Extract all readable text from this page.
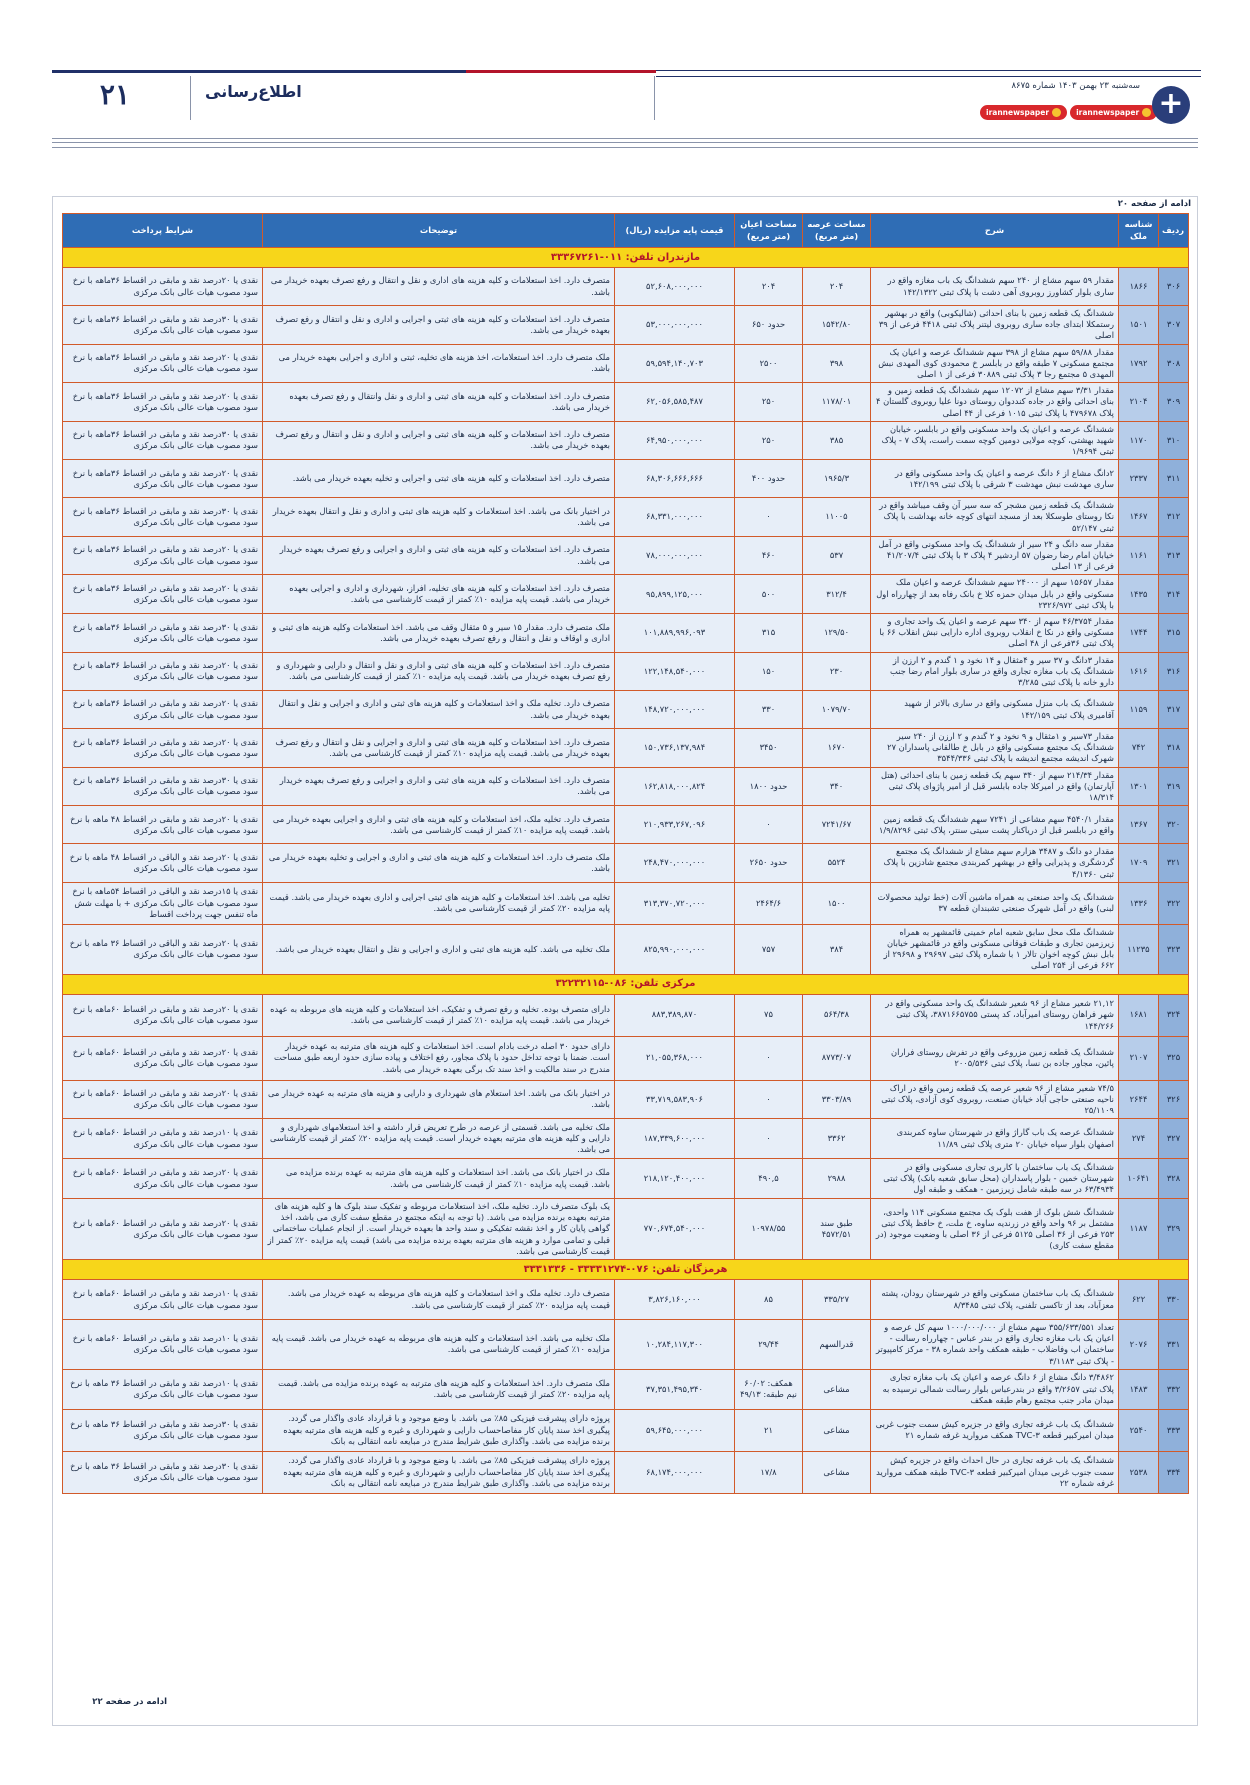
۲۱	اطلاع‌رسانی	سه‌شنبه ۲۳ بهمن ۱۴۰۳ شماره ۸۶۷۵
irannewspaper
irannewspaper	+
ادامه از صفحه ۲۰
ردیف	شناسه ملک	شرح	مساحت عرصه (متر مربع)	مساحت اعیان (متر مربع)	قیمت پایه مزایده (ریال)	توضیحات	شرایط پرداخت
مازندران تلفن: ۰۱۱-۳۳۳۶۷۲۶۱							
۳۰۶	۱۸۶۶	مقدار ۵۹ سهم مشاع از ۲۴۰ سهم ششدانگ یک باب مغازه واقع در ساری بلوار کشاورز روبروی آهی دشت با پلاک ثبتی ۱۴۲/۱۳۲۲	۲۰۴	۲۰۴	۵۲,۶۰۸,۰۰۰,۰۰۰	متصرف دارد. اخذ استعلامات و کلیه هزینه های اداری و نقل و انتقال و رفع تصرف بعهده خریدار می باشد.	نقدی یا ۲۰درصد نقد و مابقی در اقساط ۳۶ماهه با نرخ سود مصوب هیات عالی بانک مرکزی
۳۰۷	۱۵۰۱	ششدانگ یک قطعه زمین با بنای احداثی (شالیکوبی) واقع در بهشهر رستمکلا ابتدای جاده ساری روبروی لیتنر پلاک ثبتی ۴۴۱۸ فرعی از ۳۹ اصلی	۱۵۴۲/۸۰	حدود ۶۵۰	۵۳,۰۰۰,۰۰۰,۰۰۰	متصرف دارد. اخذ استعلامات و کلیه هزینه های ثبتی و اجرایی و اداری و نقل و انتقال و رفع تصرف بعهده خریدار می باشد.	نقدی یا ۳۰درصد نقد و مابقی در اقساط ۳۶ماهه با نرخ سود مصوب هیات عالی بانک مرکزی
۳۰۸	۱۷۹۲	مقدار ۵۹/۸۸ سهم مشاع از ۳۹۸ سهم ششدانگ عرصه و اعیان یک مجتمع مسکونی ۷ طبقه واقع در بابلسر خ محمودی کوی المهدی نبش المهدی ۵ مجتمع رجا ۳ پلاک ثبتی ۳۰۸۸۹ فرعی از ۱ اصلی	۳۹۸	۲۵۰۰	۵۹,۵۹۴,۱۴۰,۷۰۳	ملک متصرف دارد. اخذ استعلامات، اخذ هزینه های تخلیه، ثبتی و اداری و اجرایی بعهده خریدار می باشد.	نقدی یا ۲۰درصد نقد و مابقی در اقساط ۳۶ماهه با نرخ سود مصوب هیات عالی بانک مرکزی
۳۰۹	۲۱۰۴	مقدار ۳/۳۱ سهم مشاع از ۱۲۰۷۲ سهم ششدانگ یک قطعه زمین و بنای احداثی واقع در جاده کنددوان روستای دونا علیا روبروی گلستان ۴ پلاک ۴۷۹۶۷۸ با پلاک ثبتی ۱۰۱۵ فرعی از ۴۴ اصلی	۱۱۷۸/۰۱	۲۵۰	۶۲,۰۵۶,۵۸۵,۴۸۷	متصرف دارد. اخذ استعلامات و کلیه هزینه های ثبتی و اداری و نقل وانتقال و رفع تصرف بعهده خریدار می باشد.	نقدی یا ۲۰درصد نقد و مابقی در اقساط ۳۶ماهه با نرخ سود مصوب هیات عالی بانک مرکزی
۳۱۰	۱۱۷۰	ششدانگ عرصه و اعیان یک واحد مسکونی واقع در بابلسر، خیابان شهید بهشتی، کوچه مولایی دومین کوچه سمت راست، پلاک ۷ - پلاک ثبتی ۱/۹۶۹۴	۳۸۵	۲۵۰	۶۴,۹۵۰,۰۰۰,۰۰۰	متصرف دارد. اخذ استعلامات و کلیه هزینه های ثبتی و اجرایی و اداری و نقل و انتقال و رفع تصرف بعهده خریدار می باشد.	نقدی یا ۳۰درصد نقد و مابقی در اقساط ۳۶ماهه با نرخ سود مصوب هیات عالی بانک مرکزی
۳۱۱	۲۳۳۷	۲دانگ مشاع از ۶ دانگ عرصه و اعیان یک واحد مسکونی واقع در ساری مهدشت نبش مهدشت ۳ شرقی با پلاک ثبتی ۱۴۲/۱۹۹	۱۹۶۵/۳	حدود ۴۰۰	۶۸,۳۰۶,۶۶۶,۶۶۶	متصرف دارد. اخذ استعلامات و کلیه هزینه های ثبتی و اجرایی و تخلیه بعهده خریدار می باشد.	نقدی یا ۲۰درصد نقد و مابقی در اقساط ۳۶ماهه با نرخ سود مصوب هیات عالی بانک مرکزی
۳۱۲	۱۴۶۷	ششدانگ یک قطعه زمین مشجر که سه سیر آن وقف میباشد واقع در نکا روستای طوسکلا بعد از مسجد انتهای کوچه خانه بهداشت با پلاک ثبتی ۵۲/۱۴۷	۱۱۰۰۵	۰	۶۸,۳۳۱,۰۰۰,۰۰۰	در اختیار بانک می باشد. اخذ استعلامات و کلیه هزینه های ثبتی و اداری و نقل و انتقال بعهده خریدار می باشد.	نقدی یا ۳۰درصد نقد و مابقی در اقساط ۳۶ماهه با نرخ سود مصوب هیات عالی بانک مرکزی
۳۱۳	۱۱۶۱	مقدار سه دانگ و ۲۴ سیر از ششدانگ یک واحد مسکونی واقع در آمل خیابان امام رضا رضوان ۵۷ اردشیر ۴ پلاک ۳ با پلاک ثبتی ۴۱/۲۰۷/۴ فرعی از ۱۳ اصلی	۵۳۷	۴۶۰	۷۸,۰۰۰,۰۰۰,۰۰۰	متصرف دارد. اخذ استعلامات و کلیه هزینه های ثبتی و اداری و اجرایی و رفع تصرف بعهده خریدار می باشد.	نقدی یا ۲۰درصد نقد و مابقی در اقساط ۳۶ماهه با نرخ سود مصوب هیات عالی بانک مرکزی
۳۱۴	۱۴۳۵	مقدار ۱۵۶۵۷ سهم از ۲۴۰۰۰ سهم ششدانگ عرصه و اعیان ملک مسکونی واقع در بابل میدان حمزه کلا خ بانک رفاه بعد از چهارراه اول با پلاک ثبتی ۲۳۲۶/۹۷۲	۳۱۲/۴	۵۰۰	۹۵,۸۹۹,۱۲۵,۰۰۰	متصرف دارد. اخذ استعلامات و کلیه هزینه های تخلیه، افراز، شهرداری و اداری و اجرایی بعهده خریدار می باشد. قیمت پایه مزایده ۱۰٪ کمتر از قیمت کارشناسی می باشد.	نقدی یا ۲۰درصد نقد و مابقی در اقساط ۳۶ماهه با نرخ سود مصوب هیات عالی بانک مرکزی
۳۱۵	۱۷۴۴	مقدار ۴۶/۳۷۵۴ سهم از ۳۴۰ سهم عرصه و اعیان یک واحد تجاری و مسکونی واقع در نکا خ انقلاب روبروی اداره دارایی نبش انقلاب ۶۶ با پلاک ثبتی ۳۶فرعی از ۴۸ اصلی	۱۲۹/۵۰	۳۱۵	۱۰۱,۸۸۹,۹۹۶,۰۹۳	ملک متصرف دارد. مقدار ۱۵ سیر و ۵ مثقال وقف می باشد. اخذ استعلامات وکلیه هزینه های ثبتی و اداری و اوقاف و نقل و انتقال و رفع تصرف بعهده خریدار می باشد.	نقدی یا ۳۰درصد نقد و مابقی در اقساط ۳۶ماهه با نرخ سود مصوب هیات عالی بانک مرکزی
۳۱۶	۱۶۱۶	مقدار ۳دانگ و ۳۷ سیر و ۴مثقال و ۱۴ نخود و ۱ گندم و ۲ ارزن از ششدانگ یک باب مغازه تجاری واقع در ساری بلوار امام رضا جنب دارو خانه با پلاک ثبتی ۳/۲۸۵	۲۳۰	۱۵۰	۱۲۲,۱۴۸,۵۴۰,۰۰۰	متصرف دارد. اخذ استعلامات و کلیه هزینه های ثبتی و اداری و نقل و انتقال و دارایی و شهرداری و رفع تصرف بعهده خریدار می باشد. قیمت پایه مزایده ۱۰٪ کمتر از قیمت کارشناسی می باشد.	نقدی یا ۲۰درصد نقد و مابقی در اقساط ۳۶ماهه با نرخ سود مصوب هیات عالی بانک مرکزی
۳۱۷	۱۱۵۹	ششدانگ یک باب منزل مسکونی واقع در ساری بالاتر از شهید آقامیری پلاک ثبتی ۱۴۲/۱۵۹	۱۰۷۹/۷۰	۳۳۰	۱۴۸,۷۲۰,۰۰۰,۰۰۰	متصرف دارد. تخلیه ملک و اخذ استعلامات و کلیه هزینه های ثبتی و اداری و اجرایی و نقل و انتقال بعهده خریدار می باشد.	نقدی یا ۲۰درصد نقد و مابقی در اقساط ۳۶ماهه با نرخ سود مصوب هیات عالی بانک مرکزی
۳۱۸	۷۴۲	مقدار ۷۳سیر و ۱مثقال و ۹ نخود و ۲ گندم و ۲ ارزن از ۲۴۰ سیر ششدانگ یک مجتمع مسکونی واقع در بابل خ طالقانی پاسداران ۲۷ شهرک اندیشه مجتمع اندیشه با پلاک ثبتی ۳۵۴۴/۳۳۶	۱۶۷۰	۳۴۵۰	۱۵۰,۷۳۶,۱۳۷,۹۸۴	متصرف دارد. اخذ استعلامات و کلیه هزینه های ثبتی و اداری و اجرایی و نقل و انتقال و رفع تصرف بعهده خریدار می باشد. قیمت پایه مزایده ۱۰٪ کمتر از قیمت کارشناسی می باشد.	نقدی یا ۲۰درصد نقد و مابقی در اقساط ۳۶ماهه با نرخ سود مصوب هیات عالی بانک مرکزی
۳۱۹	۱۳۰۱	مقدار ۲۱۴/۳۴ سهم از ۳۴۰ سهم یک قطعه زمین با بنای احداثی (هتل آپارتمان) واقع در امیرکلا جاده بابلسر قبل از امیر پاژوای پلاک ثبتی ۱۸/۳۱۴	۳۴۰	حدود ۱۸۰۰	۱۶۲,۸۱۸,۰۰۰,۸۲۴	متصرف دارد. اخذ استعلامات و کلیه هزینه های ثبتی و اداری و اجرایی و رفع تصرف بعهده خریدار می باشد.	نقدی یا ۳۰درصد نقد و مابقی در اقساط ۳۶ماهه با نرخ سود مصوب هیات عالی بانک مرکزی
۳۲۰	۱۳۶۷	مقدار ۴۵۴۰/۱ سهم مشاعی از ۷۲۴۱ سهم ششدانگ یک قطعه زمین واقع در بابلسر قبل از دریاکنار پشت سیتی سنتر، پلاک ثبتی ۱/۹/۸۲۹۶	۷۲۴۱/۶۷	۰	۲۱۰,۹۳۳,۲۶۷,۰۹۶	متصرف دارد. تخلیه ملک، اخذ استعلامات و کلیه هزینه های ثبتی و اداری و اجرایی بعهده خریدار می باشد. قیمت پایه مزایده ۱۰٪ کمتر از قیمت کارشناسی می باشد.	نقدی یا ۲۰درصد نقد و مابقی در اقساط ۴۸ ماهه با نرخ سود مصوب هیات عالی بانک مرکزی
۳۲۱	۱۷۰۹	مقدار دو دانگ و ۳۴۸۷ هزارم سهم مشاع از ششدانگ یک مجتمع گردشگری و پذیرایی واقع در بهشهر کمربندی مجتمع شادزین با پلاک ثبتی ۴/۱۳۶۰	۵۵۲۴	حدود ۲۶۵۰	۲۴۸,۴۷۰,۰۰۰,۰۰۰	ملک متصرف دارد. اخذ استعلامات و کلیه هزینه های ثبتی و اداری و اجرایی و تخلیه بعهده خریدار می باشد.	نقدی یا ۲۰درصد نقد و الباقی در اقساط ۴۸ ماهه با نرخ سود مصوب هیات عالی بانک مرکزی
۳۲۲	۱۳۳۶	ششدانگ یک واحد صنعتی به همراه ماشین آلات (خط تولید محصولات لبنی) واقع در آمل شهرک صنعتی تشبندان قطعه ۳۷	۱۵۰۰	۲۴۶۴/۶	۳۱۳,۳۷۰,۷۲۰,۰۰۰	تخلیه می باشد. اخذ استعلامات و کلیه هزینه های ثبتی اجرایی و اداری بعهده خریدار می باشد. قیمت پایه مزایده ۲۰٪ کمتر از قیمت کارشناسی می باشد.	نقدی یا ۱۵درصد نقد و الباقی در اقساط ۵۴ماهه با نرخ سود مصوب هیات عالی بانک مرکزی + با مهلت شش ماه تنفس جهت پرداخت اقساط
۳۲۳	۱۱۲۳۵	ششدانگ ملک محل سابق شعبه امام خمینی قائمشهر به همراه زیرزمین تجاری و طبقات فوقانی مسکونی واقع در قائمشهر خیابان بابل نبش کوچه اخوان تالار ۱ با شماره پلاک ثبتی ۲۹۶۹۷ و ۲۹۶۹۸ از ۶۶۲ فرعی از ۲۵۴ اصلی	۳۸۴	۷۵۷	۸۲۵,۹۹۰,۰۰۰,۰۰۰	ملک تخلیه می باشد. کلیه هزینه های ثبتی و اداری و اجرایی و نقل و انتقال بعهده خریدار می باشد.	نقدی یا ۲۰درصد نقد و الباقی در اقساط ۳۶ ماهه با نرخ سود مصوب هیات عالی بانک مرکزی
مرکزی تلفن: ۰۸۶-۳۲۲۳۲۱۱۵							
۳۲۴	۱۶۸۱	۲۱,۱۲ شعیر مشاع از ۹۶ شعیر ششدانگ یک واحد مسکونی واقع در شهر فراهان روستای امیرآباد، کد پستی ۳۸۷۱۶۶۵۷۵۵، پلاک ثبتی ۱۴۴/۲۶۶	۵۶۴/۳۸	۷۵	۸۸۳,۳۸۹,۸۷۰	دارای متصرف بوده. تخلیه و رفع تصرف و تفکیک، اخذ استعلامات و کلیه هزینه های مربوطه به عهده خریدار می باشد. قیمت پایه مزایده ۱۰٪ کمتر از قیمت کارشناسی می باشد.	نقدی یا ۲۰درصد نقد و مابقی در اقساط ۶۰ماهه با نرخ سود مصوب هیات عالی بانک مرکزی
۳۲۵	۲۱۰۷	ششدانگ یک قطعه زمین مزروعی واقع در تفرش روستای فراران پائین، مجاور جاده بن نسا، پلاک ثبتی ۲۰۰۵/۵۳۶	۸۷۷۳/۰۷	۰	۲۱,۰۵۵,۳۶۸,۰۰۰	دارای حدود ۳۰ اصله درخت بادام است. اخذ استعلامات و کلیه هزینه های مترتبه به عهده خریدار است. ضمنا با توجه تداخل حدود با پلاک مجاور، رفع اختلاف و پیاده سازی حدود اربعه طبق مساحت مندرج در سند مالکیت و اخذ سند تک برگی بعهده خریدار می باشد.	نقدی یا ۲۰درصد نقد و مابقی در اقساط ۶۰ماهه با نرخ سود مصوب هیات عالی بانک مرکزی
۳۲۶	۲۶۴۴	۷۴/۵ شعیر مشاع از ۹۶ شعیر عرصه یک قطعه زمین واقع در اراک ناحیه صنعتی حاجی آباد خیابان صنعت، روبروی کوی آزادی، پلاک ثبتی ۲۵/۱۱۰۹	۳۳۰۳/۸۹	۰	۳۳,۷۱۹,۵۸۳,۹۰۶	در اختیار بانک می باشد. اخذ استعلام های شهرداری و دارایی و هزینه های مترتبه به عهده خریدار می باشد.	نقدی یا ۲۰درصد نقد و مابقی در اقساط ۶۰ماهه با نرخ سود مصوب هیات عالی بانک مرکزی
۳۲۷	۲۷۴	ششدانگ عرصه یک باب گاراژ واقع در شهرستان ساوه کمربندی اصفهان بلوار سپاه خیابان ۲۰ متری پلاک ثبتی ۱۱/۸۹	۳۳۶۲	۰	۱۸۷,۳۳۹,۶۰۰,۰۰۰	ملک تخلیه می باشد. قسمتی از عرصه در طرح تعریض قرار داشته و اخذ استعلامهای شهرداری و دارایی و کلیه هزینه های مترتبه بعهده خریدار است. قیمت پایه مزایده ۲۰٪ کمتر از قیمت کارشناسی می باشد.	نقدی یا ۱۰درصد نقد و مابقی در اقساط ۶۰ماهه با نرخ سود مصوب هیات عالی بانک مرکزی
۳۲۸	۱۰۶۴۱	ششدانگ یک باب ساختمان با کاربری تجاری مسکونی واقع در شهرستان خمین - بلوار پاسداران (محل سابق شعبه بانک) پلاک ثبتی ۶۳/۴۹۳۴ در سه طبقه شامل زیرزمین - همکف و طبقه اول	۲۹۸۸	۴۹۰,۵	۲۱۸,۱۲۰,۴۰۰,۰۰۰	ملک در اختیار بانک می باشد. اخذ استعلامات و کلیه هزینه های مترتبه به عهده برنده مزایده می باشد. قیمت پایه مزایده ۱۰٪ کمتر از قیمت کارشناسی می باشد.	نقدی یا ۲۰درصد نقد و مابقی در اقساط ۶۰ماهه با نرخ سود مصوب هیات عالی بانک مرکزی
۳۲۹	۱۱۸۷	ششدانگ شش بلوک از هفت بلوک یک مجتمع مسکونی ۱۱۴ واحدی، مشتمل بر ۹۶ واحد واقع در زرندیه ساوه، خ ملت، خ حافظ پلاک ثبتی ۲۵۳ فرعی از ۳۶ اصلی ۵۱۲۵ فرعی از ۳۶ اصلی با وضعیت موجود (در مقطع سفت کاری)	طبق سند ۴۵۷۲/۵۱	۱۰۹۷۸/۵۵	۷۷۰,۶۷۴,۵۴۰,۰۰۰	یک بلوک متصرف دارد. تخلیه ملک، اخذ استعلامات مربوطه و تفکیک سند بلوک ها و کلیه هزینه های مترتبه بعهده برنده مزایده می باشد. (با توجه به اینکه مجتمع در مقطع سفت کاری می باشد، اخذ گواهی پایان کار و اخذ نقشه تفکیکی و سند واحد ها بعهده خریدار است. از انجام عملیات ساختمانی قبلی و تمامی موارد و هزینه های مترتبه بعهده برنده مزایده می باشد) قیمت پایه مزایده ۲۰٪ کمتر از قیمت کارشناسی می باشد.	نقدی یا ۲۰درصد نقد و مابقی در اقساط ۶۰ماهه با نرخ سود مصوب هیات عالی بانک مرکزی
هرمزگان تلفن: ۰۷۶-۳۳۳۳۱۲۷۴ - ۳۳۳۱۳۳۶							
۳۳۰	۶۲۲	ششدانگ یک باب ساختمان مسکونی واقع در شهرستان رودان، پشته معزآباد، بعد از تاکسی تلفنی، پلاک ثبتی ۸/۳۴۸۵	۳۳۵/۲۷	۸۵	۳,۸۲۶,۱۶۰,۰۰۰	متصرف دارد. تخلیه ملک و اخذ استعلامات و کلیه هزینه های مربوطه به عهده خریدار می باشد. قیمت پایه مزایده ۲۰٪ کمتر از قیمت کارشناسی می باشد.	نقدی یا ۱۰درصد نقد و مابقی در اقساط ۶۰ماهه با نرخ سود مصوب هیات عالی بانک مرکزی
۳۳۱	۲۰۷۶	تعداد ۳۵۵/۶۳۳/۵۵۱ سهم مشاع از ۱۰۰۰/۰۰۰/۰۰۰ سهم کل عرصه و اعیان یک باب مغازه تجاری واقع در بندر عباس - چهارراه رسالت - ساختمان اب وفاضلاب - طبقه همکف واحد شماره ۳۸ - مرکز کامپیوتر - پلاک ثبتی ۳/۱۱۸۳	قدرالسهم	۲۹/۴۴	۱۰,۲۸۴,۱۱۷,۳۰۰	ملک تخلیه می باشد. اخذ استعلامات و کلیه هزینه های مربوطه به عهده خریدار می باشد. قیمت پایه مزایده ۱۰٪ کمتر از قیمت کارشناسی می باشد.	نقدی یا ۱۰درصد نقد و مابقی در اقساط ۶۰ماهه با نرخ سود مصوب هیات عالی بانک مرکزی
۳۳۲	۱۴۸۳	۳/۴۸۶۲ دانگ مشاع از ۶ دانگ عرصه و اعیان یک باب مغازه تجاری پلاک ثبتی ۳/۲۶۵۷ واقع در بندرعباس بلوار رسالت شمالی نرسیده به میدان مادر جنب مجتمع رهام طبقه همکف	مشاعی	همکف: ۶۰/۰۲ نیم طبقه: ۴۹/۱۳	۳۷,۳۵۱,۴۹۵,۳۴۰	ملک متصرف دارد. اخذ استعلامات و کلیه هزینه های مترتبه به عهده برنده مزایده می باشد. قیمت پایه مزایده ۲۰٪ کمتر از قیمت کارشناسی می باشد.	نقدی یا ۱۰درصد نقد و مابقی در اقساط ۳۶ ماهه با نرخ سود مصوب هیات عالی بانک مرکزی
۳۳۳	۲۵۴۰	ششدانگ یک باب غرفه تجاری واقع در جزیره کیش سمت جنوب غربی میدان امیرکبیر قطعه TVC-۳ همکف مروارید غرفه شماره ۲۱	مشاعی	۲۱	۵۹,۶۴۵,۰۰۰,۰۰۰	پروژه دارای پیشرفت فیزیکی ۸۵٪ می باشد. با وضع موجود و با قرارداد عادی واگذار می گردد. پیگیری اخذ سند پایان کار مفاصاحساب دارایی و شهرداری و غیره و کلیه هزینه های مترتبه بعهده برنده مزایده می باشد. واگذاری طبق شرایط مندرج در مبایعه نامه انتقالی به بانک	نقدی یا ۳۰درصد نقد و مابقی در اقساط ۳۶ ماهه با نرخ سود مصوب هیات عالی بانک مرکزی
۳۳۴	۲۵۳۸	ششدانگ یک باب غرفه تجاری در حال احداث واقع در جزیره کیش سمت جنوب غربی میدان امیرکبیر قطعه TVC-۳ طبقه همکف مروارید غرفه شماره ۲۲	مشاعی	۱۷/۸	۶۸,۱۷۴,۰۰۰,۰۰۰	پروژه دارای پیشرفت فیزیکی ۸۵٪ می باشد. با وضع موجود و با قرارداد عادی واگذار می گردد. پیگیری اخذ سند پایان کار مفاصاحساب دارایی و شهرداری و غیره و کلیه هزینه های مترتبه بعهده برنده مزایده می باشد. واگذاری طبق شرایط مندرج در مبایعه نامه انتقالی به بانک	نقدی یا ۳۰درصد نقد و مابقی در اقساط ۳۶ ماهه با نرخ سود مصوب هیات عالی بانک مرکزی
ادامه در صفحه ۲۲
